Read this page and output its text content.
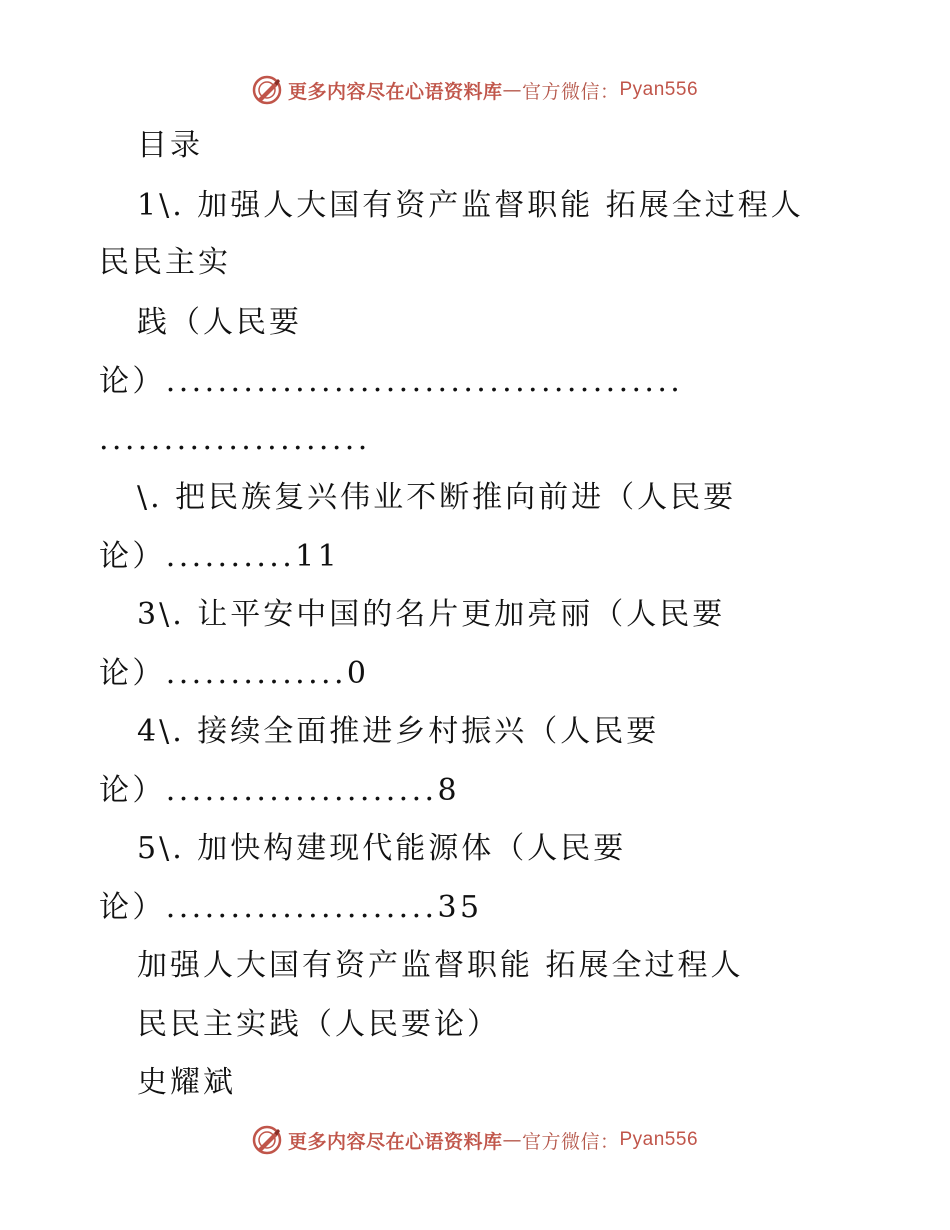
更多内容尽在心语资料库 — 官方微信： Pyan556
目录
1\. 加强人大国有资产监督职能 拓展全过程人
民民主实
践（人民要
论）........................................
.....................
\. 把民族复兴伟业不断推向前进（人民要
论）..........11
3\. 让平安中国的名片更加亮丽（人民要
论）..............0
4\. 接续全面推进乡村振兴（人民要
论）.....................8
5\. 加快构建现代能源体（人民要
论）.....................35
加强人大国有资产监督职能 拓展全过程人
民民主实践（人民要论）
史耀斌
更多内容尽在心语资料库 — 官方微信： Pyan556
